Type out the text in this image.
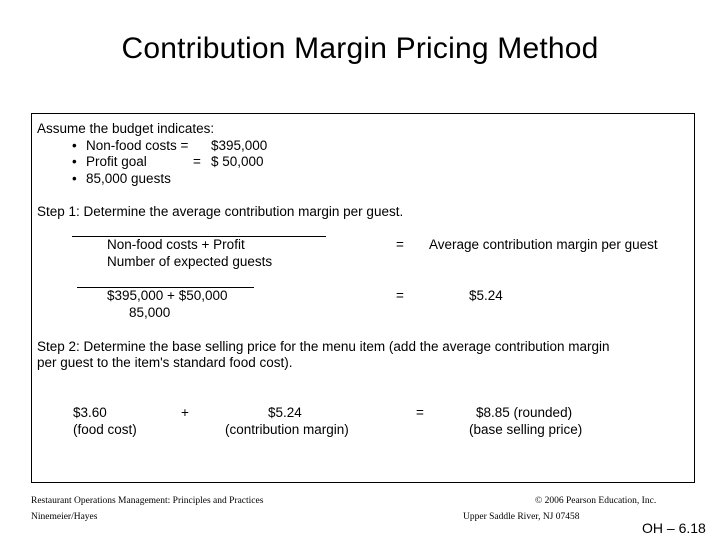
Contribution Margin Pricing Method
Assume the budget indicates:
• Non-food costs = $395,000
• Profit goal	= $ 50,000
• 85,000 guests
Step 1: Determine the average contribution margin per guest.
Non-food costs + Profit
Number of expected guests
= Average contribution margin per guest
$395,000 + $50,000
85,000
=	$5.24
Step 2: Determine the base selling price for the menu item (add the average contribution margin
per guest to the item's standard food cost).
$3.60
(food cost)
+	$5.24
(contribution margin)
=	$8.85 (rounded)
(base selling price)
Restaurant Operations Management: Principles and Practices
Ninemeier/Hayes
© 2006 Pearson Education, Inc.
Upper Saddle River, NJ 07458
OH – 6.18
